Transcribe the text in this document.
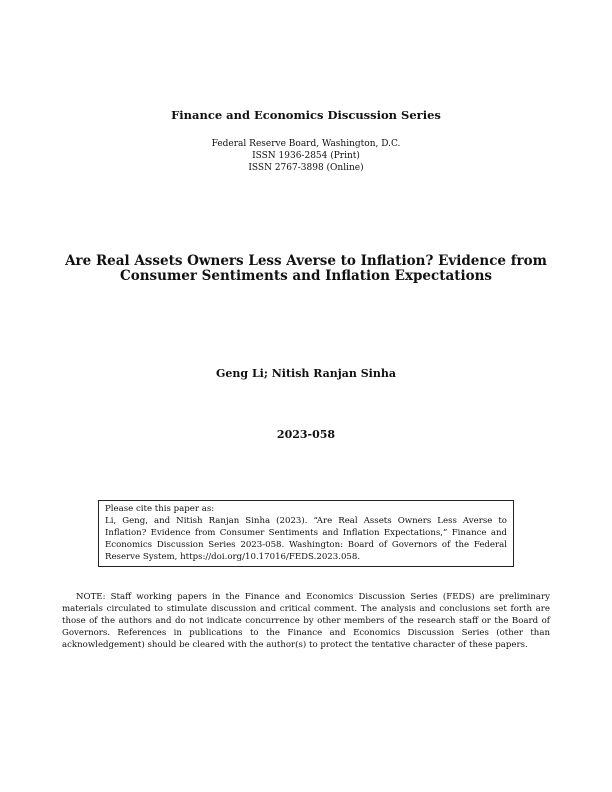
Finance and Economics Discussion Series
Federal Reserve Board, Washington, D.C.
ISSN 1936-2854 (Print)
ISSN 2767-3898 (Online)
Are Real Assets Owners Less Averse to Inflation? Evidence from Consumer Sentiments and Inflation Expectations
Geng Li; Nitish Ranjan Sinha
2023-058
Please cite this paper as:
Li, Geng, and Nitish Ranjan Sinha (2023). “Are Real Assets Owners Less Averse to Inflation? Evidence from Consumer Sentiments and Inflation Expectations,” Finance and Economics Discussion Series 2023-058. Washington: Board of Governors of the Federal Reserve System, https://doi.org/10.17016/FEDS.2023.058.
NOTE: Staff working papers in the Finance and Economics Discussion Series (FEDS) are preliminary materials circulated to stimulate discussion and critical comment. The analysis and conclusions set forth are those of the authors and do not indicate concurrence by other members of the research staff or the Board of Governors. References in publications to the Finance and Economics Discussion Series (other than acknowledgement) should be cleared with the author(s) to protect the tentative character of these papers.
